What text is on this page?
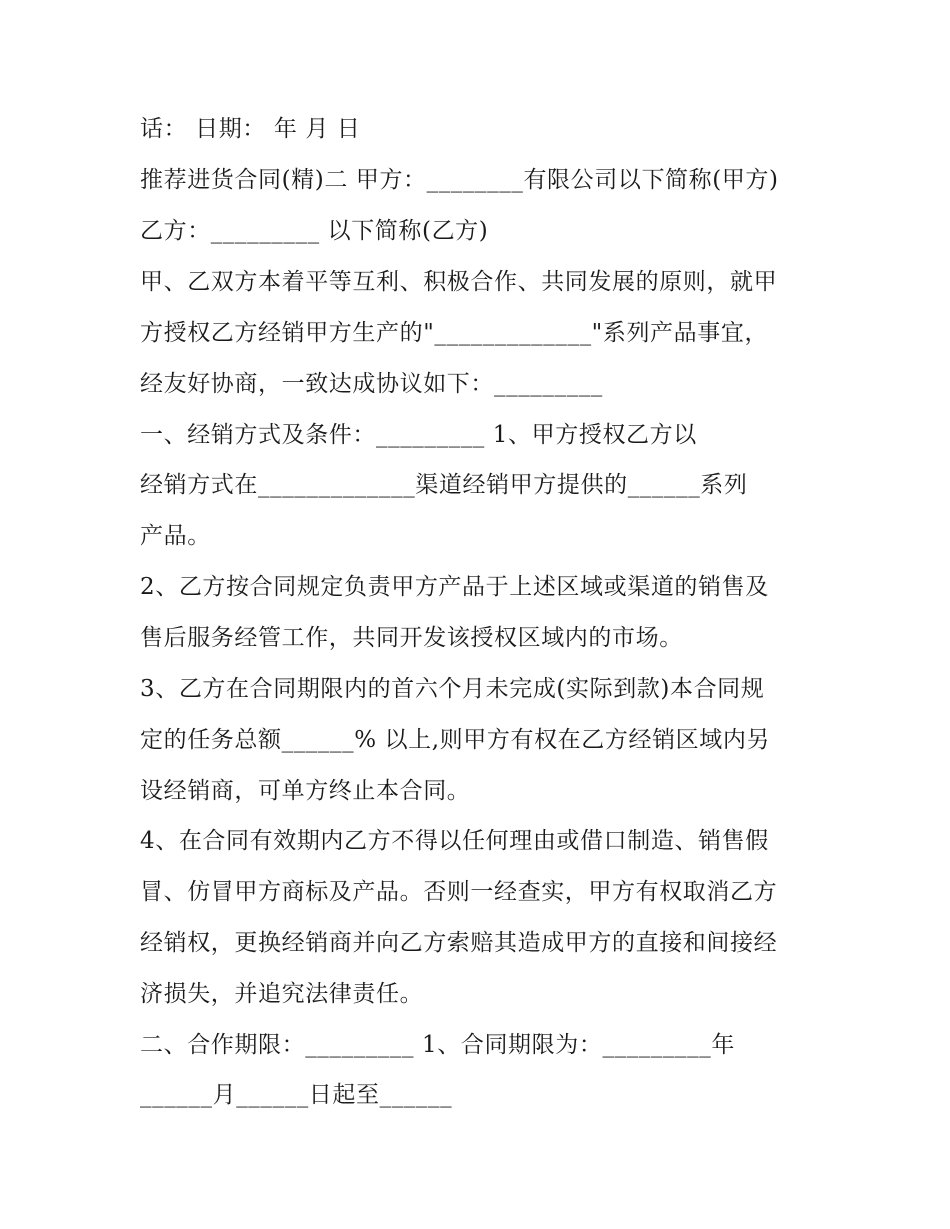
话： 日期： 年 月 日
推荐进货合同(精)二 甲方：________有限公司以下简称(甲方)
乙方：_________ 以下简称(乙方)
甲、乙双方本着平等互利、积极合作、共同发展的原则，就甲
方授权乙方经销甲方生产的"_____________"系列产品事宜，
经友好协商，一致达成协议如下：_________
一、经销方式及条件：_________ 1、甲方授权乙方以
经销方式在_____________渠道经销甲方提供的______系列
产品。
2、乙方按合同规定负责甲方产品于上述区域或渠道的销售及
售后服务经管工作，共同开发该授权区域内的市场。
3、乙方在合同期限内的首六个月未完成(实际到款)本合同规
定的任务总额______% 以上,则甲方有权在乙方经销区域内另
设经销商，可单方终止本合同。
4、在合同有效期内乙方不得以任何理由或借口制造、销售假
冒、仿冒甲方商标及产品。否则一经查实，甲方有权取消乙方
经销权，更换经销商并向乙方索赔其造成甲方的直接和间接经
济损失，并追究法律责任。
二、合作期限：_________ 1、合同期限为：_________年
______月______日起至______
